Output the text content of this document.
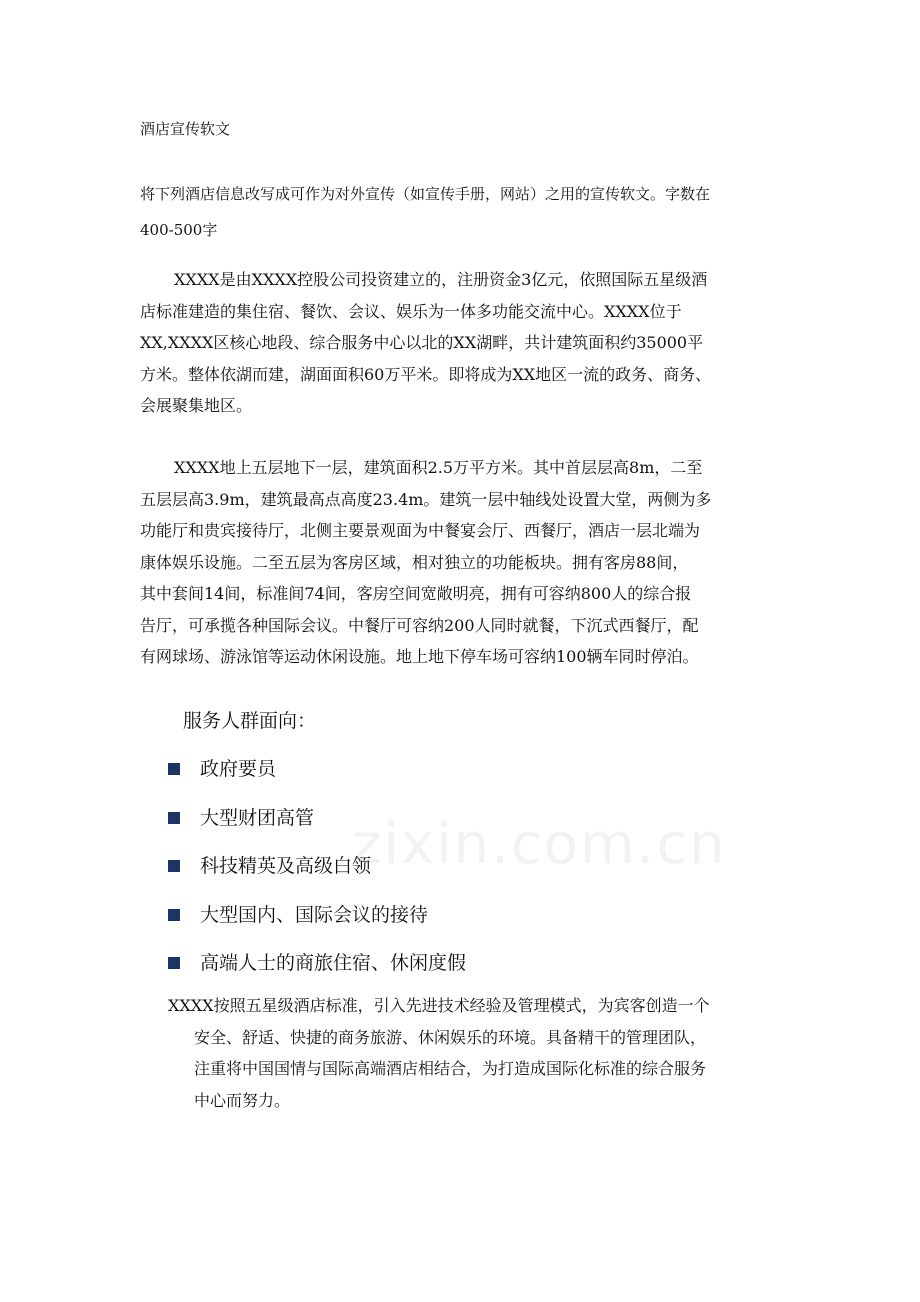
酒店宣传软文
将下列酒店信息改写成可作为对外宣传（如宣传手册，网站）之用的宣传软文。字数在
400-500字
XXXX是由XXXX控股公司投资建立的，注册资金3亿元，依照国际五星级酒
店标准建造的集住宿、餐饮、会议、娱乐为一体多功能交流中心。XXXX位于
XX,XXXX区核心地段、综合服务中心以北的XX湖畔，共计建筑面积约35000平
方米。整体依湖而建，湖面面积60万平米。即将成为XX地区一流的政务、商务、
会展聚集地区。
XXXX地上五层地下一层，建筑面积2.5万平方米。其中首层层高8m，二至
五层层高3.9m，建筑最高点高度23.4m。建筑一层中轴线处设置大堂，两侧为多
功能厅和贵宾接待厅，北侧主要景观面为中餐宴会厅、西餐厅，酒店一层北端为
康体娱乐设施。二至五层为客房区域，相对独立的功能板块。拥有客房88间，
其中套间14间，标准间74间，客房空间宽敞明亮，拥有可容纳800人的综合报
告厅，可承揽各种国际会议。中餐厅可容纳200人同时就餐，下沉式西餐厅，配
有网球场、游泳馆等运动休闲设施。地上地下停车场可容纳100辆车同时停泊。
服务人群面向：
政府要员
大型财团高管
科技精英及高级白领
大型国内、国际会议的接待
高端人士的商旅住宿、休闲度假
XXXX按照五星级酒店标准，引入先进技术经验及管理模式，为宾客创造一个
安全、舒适、快捷的商务旅游、休闲娱乐的环境。具备精干的管理团队，
注重将中国国情与国际高端酒店相结合，为打造成国际化标准的综合服务
中心而努力。
zixin.com.cn
